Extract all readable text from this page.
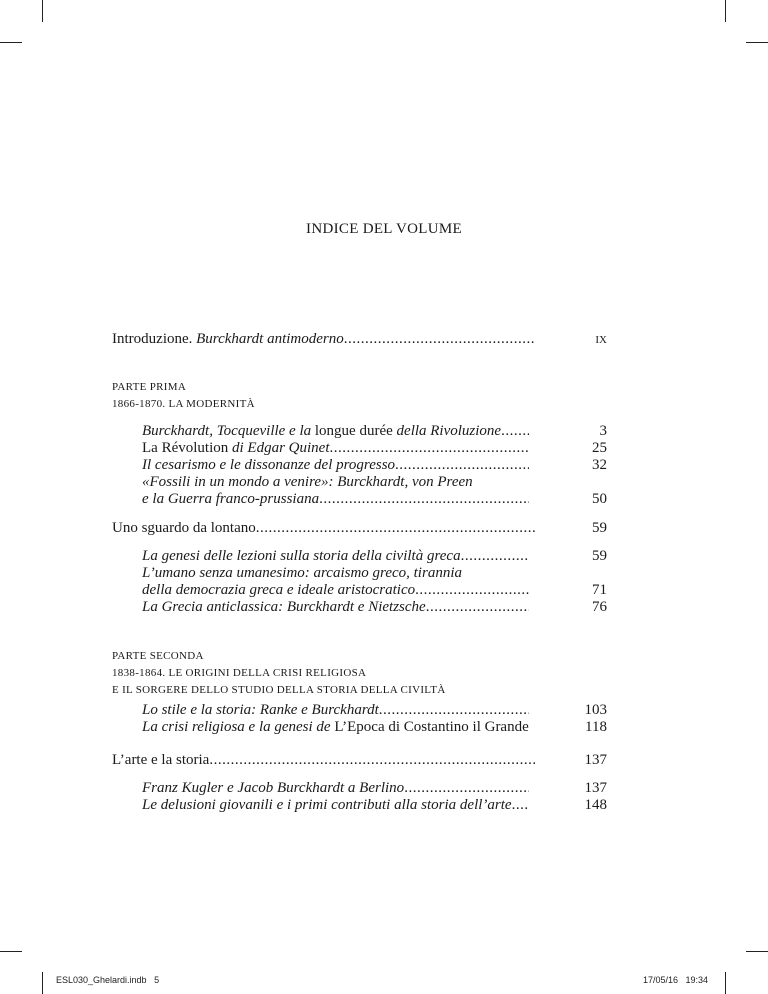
INDICE DEL VOLUME
Introduzione. Burckhardt antimoderno .....	ix
PARTE PRIMA
1866-1870. LA MODERNITÀ
Burckhardt, Tocqueville e la longue durée della Rivoluzione .....	3
La Révolution di Edgar Quinet .....	25
Il cesarismo e le dissonanze del progresso .....	32
«Fossili in un mondo a venire»: Burckhardt, von Preen
e la Guerra franco-prussiana .....	50
Uno sguardo da lontano .....	59
La genesi delle lezioni sulla storia della civiltà greca .....	59
L’umano senza umanesimo: arcaismo greco, tirannia
della democrazia greca e ideale aristocratico .....	71
La Grecia anticlassica: Burckhardt e Nietzsche .....	76
PARTE SECONDA
1838-1864. LE ORIGINI DELLA CRISI RELIGIOSA
E IL SORGERE DELLO STUDIO DELLA STORIA DELLA CIVILTÀ
Lo stile e la storia: Ranke e Burckhardt .....	103
La crisi religiosa e la genesi de L’Epoca di Costantino il Grande .....	118
L’arte e la storia .....	137
Franz Kugler e Jacob Burckhardt a Berlino .....	137
Le delusioni giovanili e i primi contributi alla storia dell’arte .....	148
ESL030_Ghelardi.indb   5	17/05/16   19:34
